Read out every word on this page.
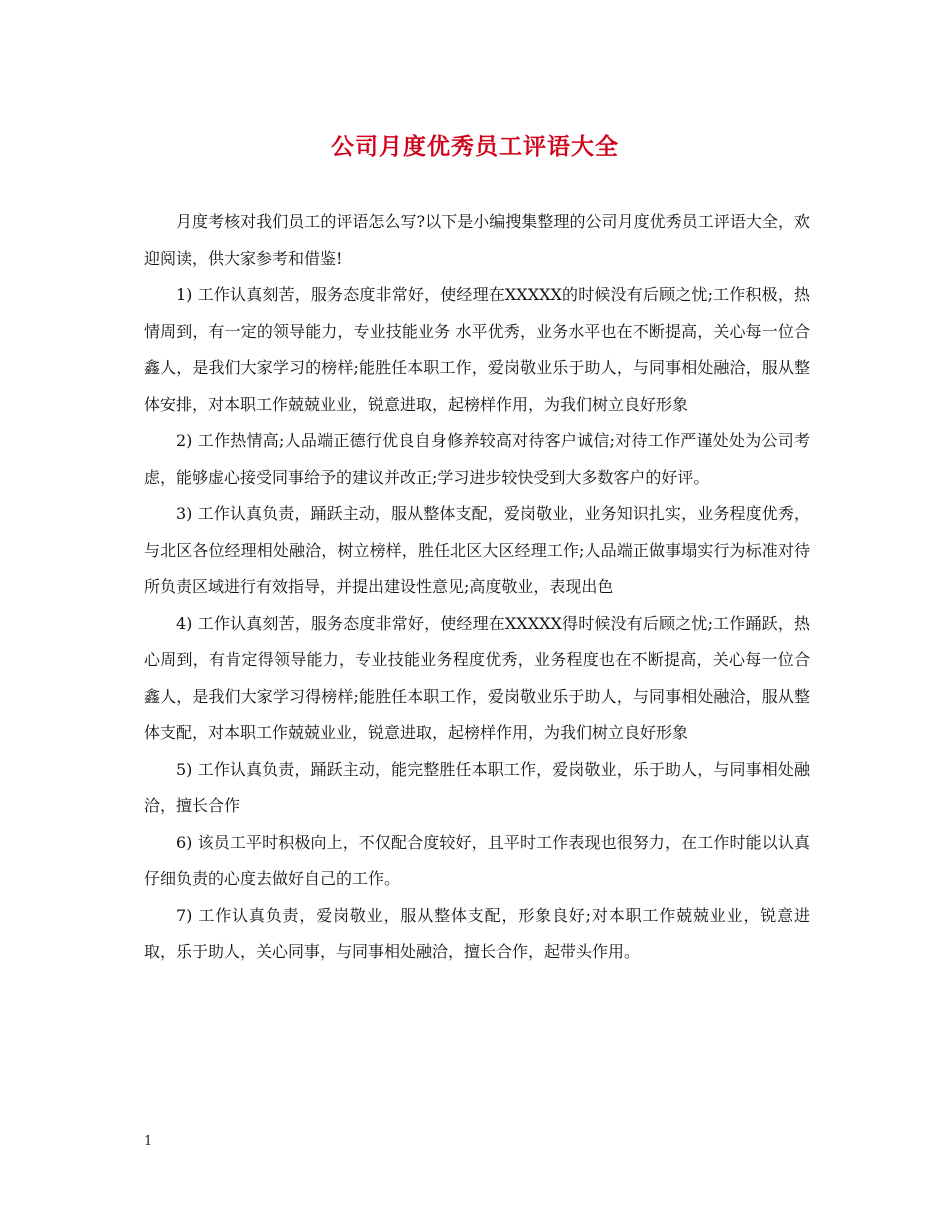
公司月度优秀员工评语大全

月度考核对我们员工的评语怎么写?以下是小编搜集整理的公司月度优秀员工评语大全，欢迎阅读，供大家参考和借鉴!

1) 工作认真刻苦，服务态度非常好，使经理在XXXXX的时候没有后顾之忧;工作积极，热情周到，有一定的领导能力，专业技能业务 水平优秀，业务水平也在不断提高，关心每一位合鑫人，是我们大家学习的榜样;能胜任本职工作，爱岗敬业乐于助人，与同事相处融洽，服从整体安排，对本职工作兢兢业业，锐意进取，起榜样作用，为我们树立良好形象

2) 工作热情高;人品端正德行优良自身修养较高对待客户诚信;对待工作严谨处处为公司考虑，能够虚心接受同事给予的建议并改正;学习进步较快受到大多数客户的好评。

3) 工作认真负责，踊跃主动，服从整体支配，爱岗敬业，业务知识扎实，业务程度优秀，与北区各位经理相处融洽，树立榜样，胜任北区大区经理工作;人品端正做事塌实行为标准对待所负责区域进行有效指导，并提出建设性意见;高度敬业，表现出色

4) 工作认真刻苦，服务态度非常好，使经理在XXXXX得时候没有后顾之忧;工作踊跃，热心周到，有肯定得领导能力，专业技能业务程度优秀，业务程度也在不断提高，关心每一位合鑫人，是我们大家学习得榜样;能胜任本职工作，爱岗敬业乐于助人，与同事相处融洽，服从整体支配，对本职工作兢兢业业，锐意进取，起榜样作用，为我们树立良好形象

5) 工作认真负责，踊跃主动，能完整胜任本职工作，爱岗敬业，乐于助人，与同事相处融洽，擅长合作

6) 该员工平时积极向上，不仅配合度较好，且平时工作表现也很努力，在工作时能以认真仔细负责的心度去做好自己的工作。

7) 工作认真负责，爱岗敬业，服从整体支配，形象良好;对本职工作兢兢业业，锐意进取，乐于助人，关心同事，与同事相处融洽，擅长合作，起带头作用。

1
